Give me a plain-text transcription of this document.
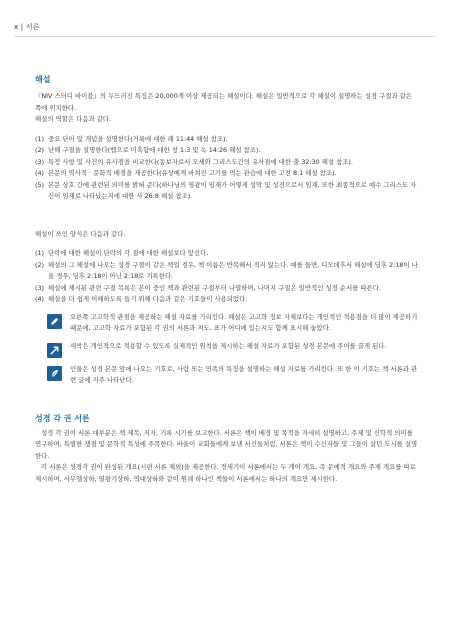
x | 서론
해설

『NIV 스터디 바이블』의 두드러진 특징은 20,000개 이상 제공되는 해설이다. 해설은 일반적으로 각 해설이 설명하는 성경 구절과 같은 쪽에 위치한다.

해설의 역할은 다음과 같다.

(1) 중요 단어 및 개념을 설명한다(거룩에 대한 레 11:44 해설 참조).
(2) 난해 구절을 설명한다(뱀으로 미혹함에 대한 창 1:3 및 녹 14:26 해설 참조).
(3) 특정 사항 및 사건의 유사점을 비교한다(동보자로서 모세와 그리스도간의 유사점에 대한 출 32:30 해설 참조).
(4) 본문의 역사적 · 문화적 배경을 제공한다(유상예게 바쳐진 고기를 먹는 관습에 대한 고전 8:1 해설 참조).
(5) 본문 상호 간에 관련된 의미를 밝혀 준다(하나님의 영광이 임재가 어떻게 성막 및 성전으로서 임재, 또한 최종적으로 예수 그리스도 자신이 임재로 나타났는지에 대한 사 26:8 해설 참조).

해설이 쓰인 양식은 다음과 같다.

(1) 단락에 대한 해설이 단락의 각 절에 대한 해설보다 앞선다.
(2) 해설의 그 해설에 나오는 성경 구절이 같은 책일 경우, 책 이름은 반복해서 적지 않는다. 예를 들면, 디모데후서 해설에 딤후 2:18이 나올 경우, 딤후 2:18이 아닌 2:18로 기록한다.
(3) 해설에 제시된 관련 구절 목록은 본이 중인 책과 관련된 구절부터 나열하며, 나머지 구절은 일반적인 성경 순서를 따른다.
(4) 해설을 더 쉽게 이해하도록 돕기 위해 다음과 같은 기호들이 사용되었다.
오른쪽 고고학적 관점을 제공하는 해설 자료를 가리킨다. 해설은 고고학 정보 자체보다는 개인적인 적용점을 더 많이 제공하기 때문에, 고고학 자료가 포함된 각 권의 서론과 지도, 표가 어디에 있는지도 함께 표시해 놓았다.
새싹은 개인적으로 적용할 수 있도록 실제적인 원칙을 제시하는 해설 자료가 포함된 성경 본문에 주어를 끌게 된다.
인물은 성경 본문 앞에 나오는 기호로, 사람 또는 민족의 특징을 설명하는 해설 자료를 가리킨다. 또 한 이 기호는 책 서론과 관련 글에 자주 나타난다.
성경 각 권 서론

성경 각 권이 서론 대부분은 책 제목, 저자, 기록 시기를 보고한다. 서론은 책이 배경 및 목적을 자세히 설명하고, 주제 및 신학적 의미를 연구하며, 특별한 쟁점 및 문학적 특성에 주목한다. 바울이 교회들에게 보낸 서신들처럼, 서론은 책이 수신자들 및 그들이 살던 도시를 설명한다.

각 서론은 성경각 권이 완성된 개요(시편 서론 제외)을 제공한다. 정세기이 서론에서는 두 개이 개요, 즉 문예적 개요와 주제 개요를 따로 제시하며, 사무엘상하, 열왕기상하, 역대상하와 같이 원래 하나인 책들이 서론에서는 하나의 개요만 제시한다.
